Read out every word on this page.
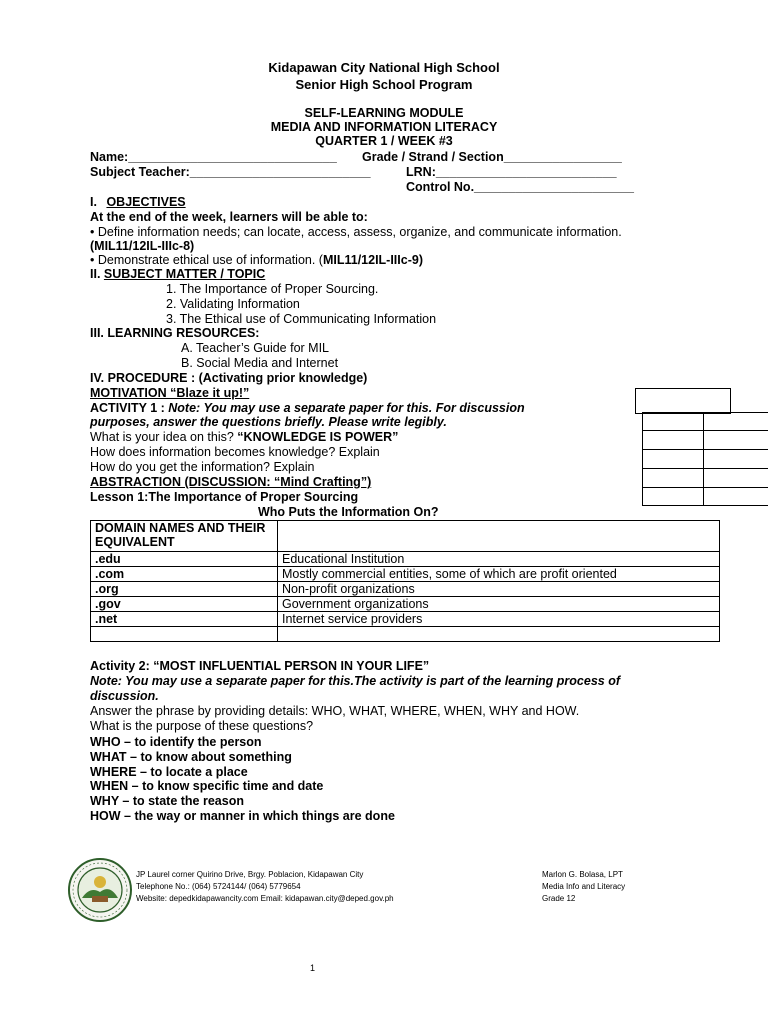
Kidapawan City National High School
Senior High School Program
SELF-LEARNING MODULE
MEDIA AND INFORMATION LITERACY
QUARTER 1 / WEEK #3
Name:______________________________ Grade / Strand / Section_________________
Subject Teacher:__________________________	LRN:__________________________
Control No._______________________
I. OBJECTIVES
At the end of the week, learners will be able to:
• Define information needs; can locate, access, assess, organize, and communicate information.
(MIL11/12IL-IIIc-8)
• Demonstrate ethical use of information. (MIL11/12IL-IIIc-9)
II. SUBJECT MATTER / TOPIC
1. The Importance of Proper Sourcing.
2. Validating Information
3. The Ethical use of Communicating Information
III. LEARNING RESOURCES:
A. Teacher’s Guide for MIL
B. Social Media and Internet
IV. PROCEDURE : (Activating prior knowledge)
MOTIVATION “Blaze it up!”
ACTIVITY 1 : Note: You may use a separate paper for this. For discussion
purposes, answer the questions briefly. Please write legibly.
What is your idea on this? “KNOWLEDGE IS POWER”
How does information becomes knowledge? Explain
How do you get the information? Explain
ABSTRACTION (DISCUSSION: “Mind Crafting”)
Lesson 1:The Importance of Proper Sourcing
Who Puts the Information On?
DOMAIN NAMES AND THEIR EQUIVALENT	
.edu	Educational Institution
.com	Mostly commercial entities, some of which are profit oriented
.org	Non-profit organizations
.gov	Government organizations
.net	Internet service providers

Activity 2: “MOST INFLUENTIAL PERSON IN YOUR LIFE”
Note: You may use a separate paper for this.The activity is part of the learning process of
discussion.
Answer the phrase by providing details: WHO, WHAT, WHERE, WHEN, WHY and HOW.
What is the purpose of these questions?
WHO – to identify the person
WHAT – to know about something
WHERE – to locate a place
WHEN – to know specific time and date
WHY – to state the reason
HOW – the way or manner in which things are done
JP Laurel corner Quirino Drive, Brgy. Poblacion, Kidapawan City
Telephone No.: (064) 5724144/ (064) 5779654
Website: depedkidapawancity.com Email: kidapawan.city@deped.gov.ph
Marlon G. Bolasa, LPT
Media Info and Literacy
Grade 12
1
